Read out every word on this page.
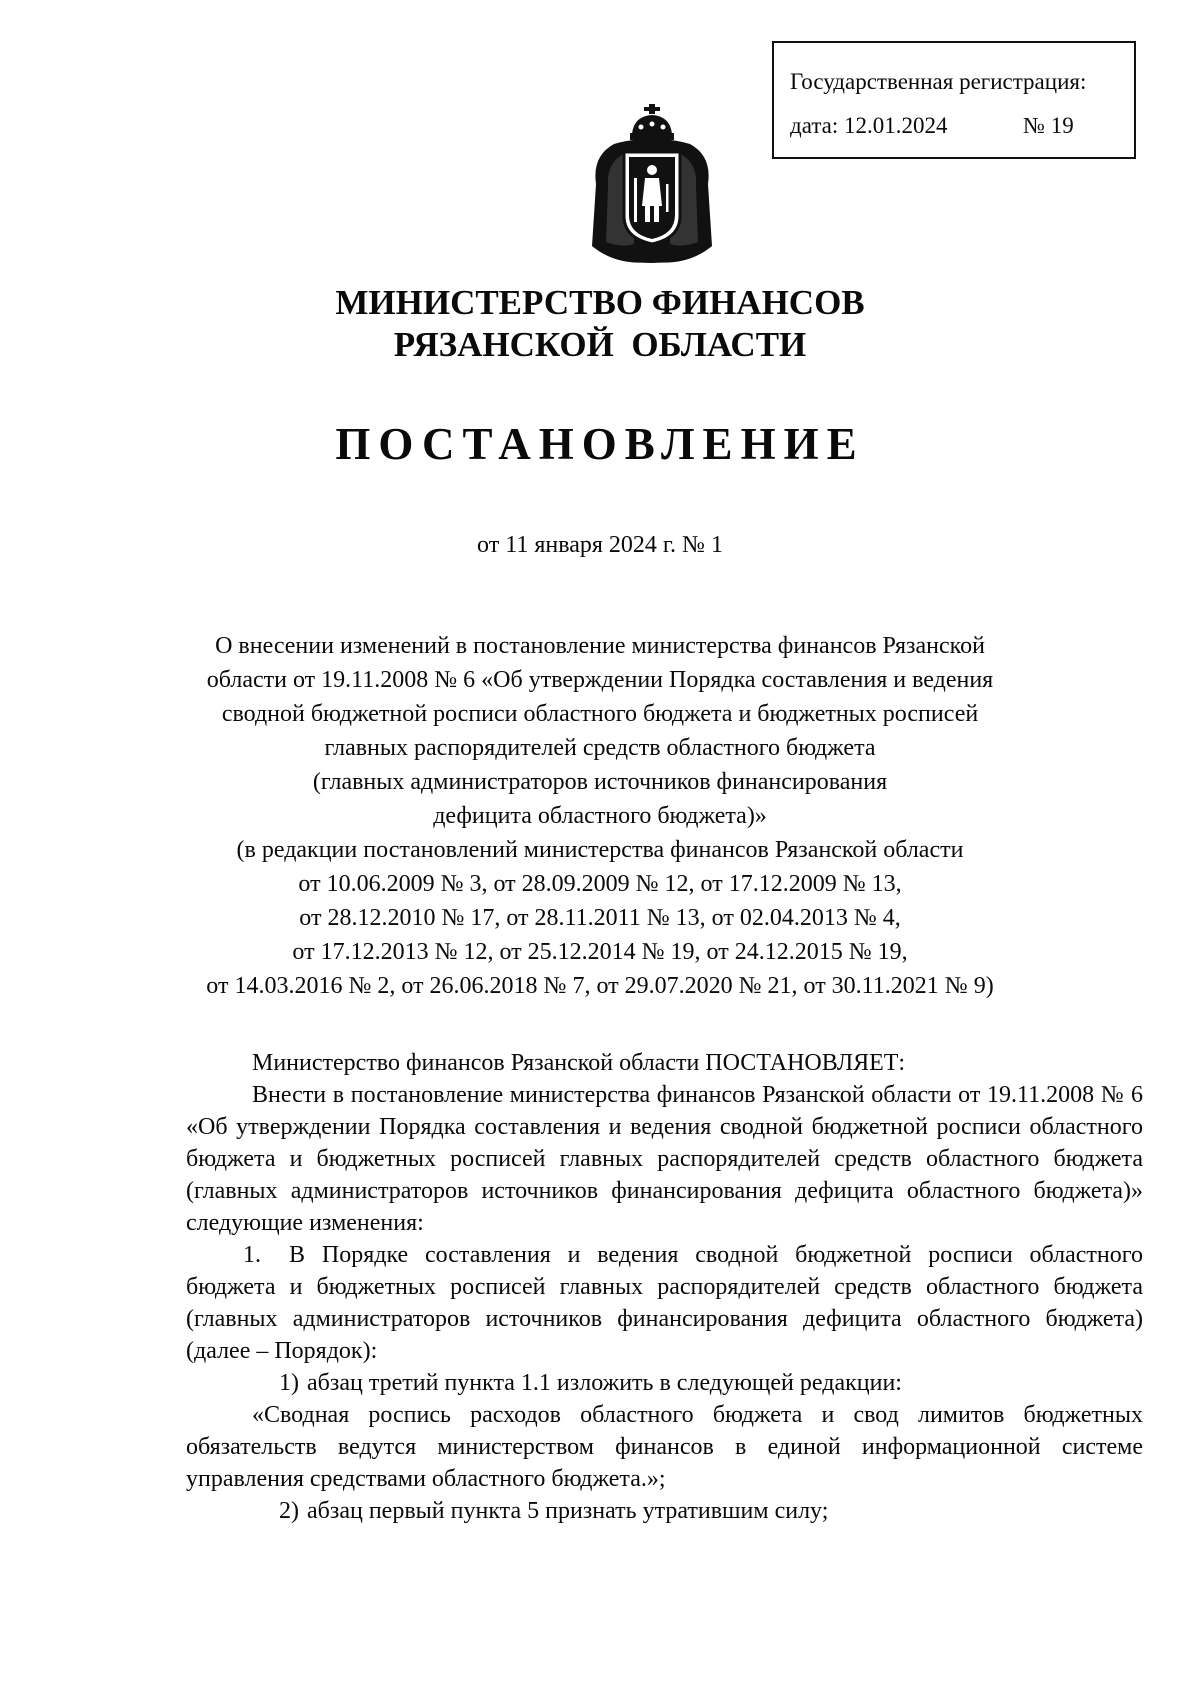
Государственная регистрация:
дата: 12.01.2024	№ 19
МИНИСТЕРСТВО ФИНАНСОВ
РЯЗАНСКОЙ  ОБЛАСТИ
ПОСТАНОВЛЕНИЕ
от 11 января 2024 г. № 1
О внесении изменений в постановление министерства финансов Рязанской
области от 19.11.2008 № 6 «Об утверждении Порядка составления и ведения
сводной бюджетной росписи областного бюджета и бюджетных росписей
главных распорядителей средств областного бюджета
(главных администраторов источников финансирования
дефицита областного бюджета)»
(в редакции постановлений министерства финансов Рязанской области
от 10.06.2009 № 3, от 28.09.2009 № 12, от 17.12.2009 № 13,
от 28.12.2010 № 17, от 28.11.2011 № 13, от 02.04.2013 № 4,
от 17.12.2013 № 12, от 25.12.2014 № 19, от 24.12.2015 № 19,
от 14.03.2016 № 2, от 26.06.2018 № 7, от 29.07.2020 № 21, от 30.11.2021 № 9)

Министерство финансов Рязанской области ПОСТАНОВЛЯЕТ:

Внести в постановление министерства финансов Рязанской области от 19.11.2008 № 6 «Об утверждении Порядка составления и ведения сводной бюджетной росписи областного бюджета и бюджетных росписей главных распорядителей средств областного бюджета (главных администраторов источников финансирования дефицита областного бюджета)» следующие изменения:

1. В Порядке составления и ведения сводной бюджетной росписи областного бюджета и бюджетных росписей главных распорядителей средств областного бюджета (главных администраторов источников финансирования дефицита областного бюджета) (далее – Порядок):

1) абзац третий пункта 1.1 изложить в следующей редакции:

«Сводная роспись расходов областного бюджета и свод лимитов бюджетных обязательств ведутся министерством финансов в единой информационной системе управления средствами областного бюджета.»;

2) абзац первый пункта 5 признать утратившим силу;
